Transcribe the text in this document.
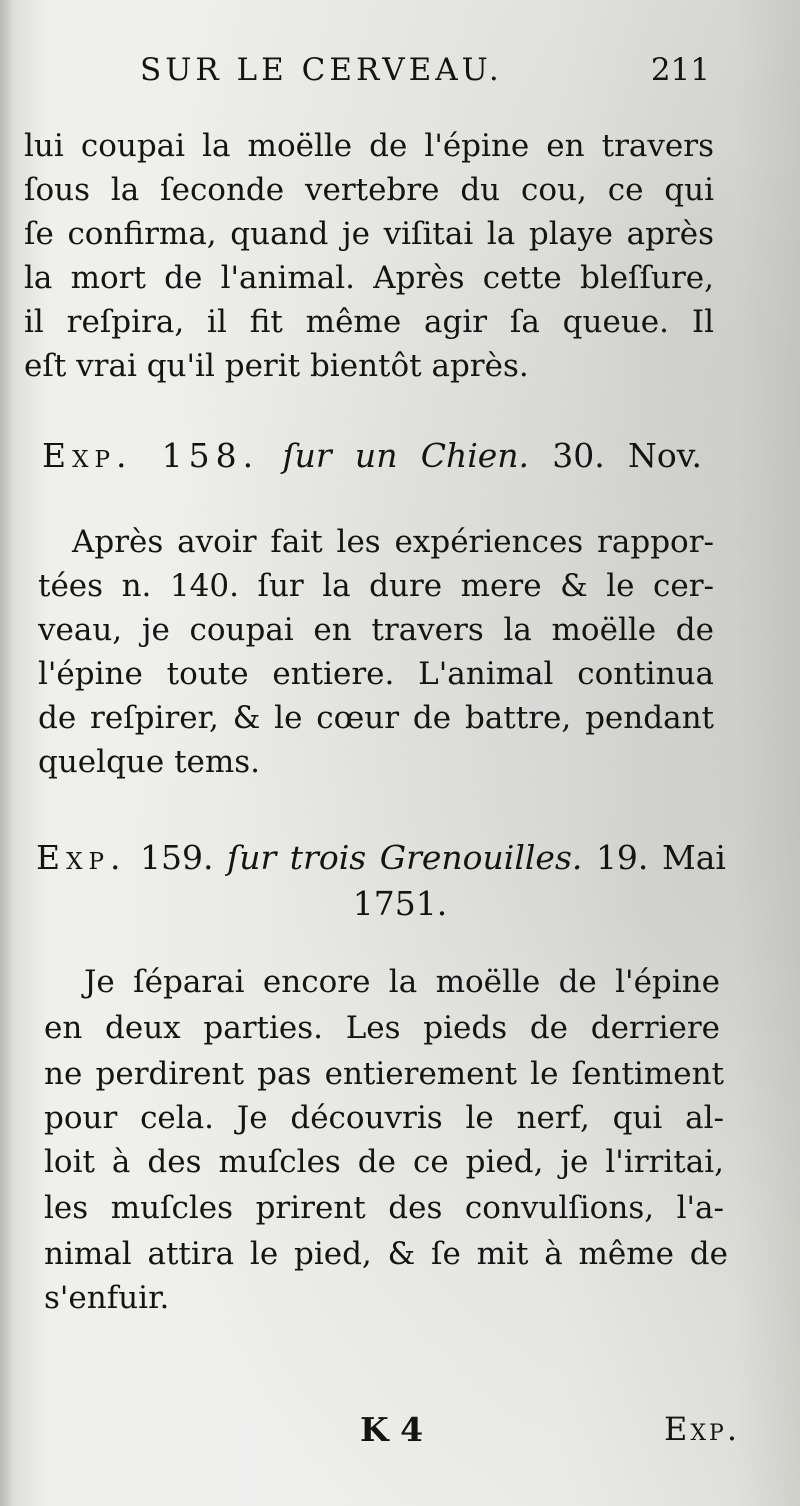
SUR LE CERVEAU.	211
lui coupai la moëlle de l'épine en travers
ſous la ſeconde vertebre du cou, ce qui
ſe confirma, quand je viſitai la playe après
la mort de l'animal. Après cette bleſſure,
il reſpira, il fit même agir ſa queue. Il
eſt vrai qu'il perit bientôt après.
Exp. 158. ſur un Chien. 30. Nov.
Après avoir fait les expériences rappor-
tées n. 140. ſur la dure mere & le cer-
veau, je coupai en travers la moëlle de
l'épine toute entiere. L'animal continua
de reſpirer, & le cœur de battre, pendant
quelque tems.
Exp. 159. ſur trois Grenouilles. 19. Mai
1751.
Je ſéparai encore la moëlle de l'épine
en deux parties. Les pieds de derriere
ne perdirent pas entierement le ſentiment
pour cela. Je découvris le nerf, qui al-
loit à des muſcles de ce pied, je l'irritai,
les muſcles prirent des convulſions, l'a-
nimal attira le pied, & ſe mit à même de
s'enfuir.
K 4	Exp.
